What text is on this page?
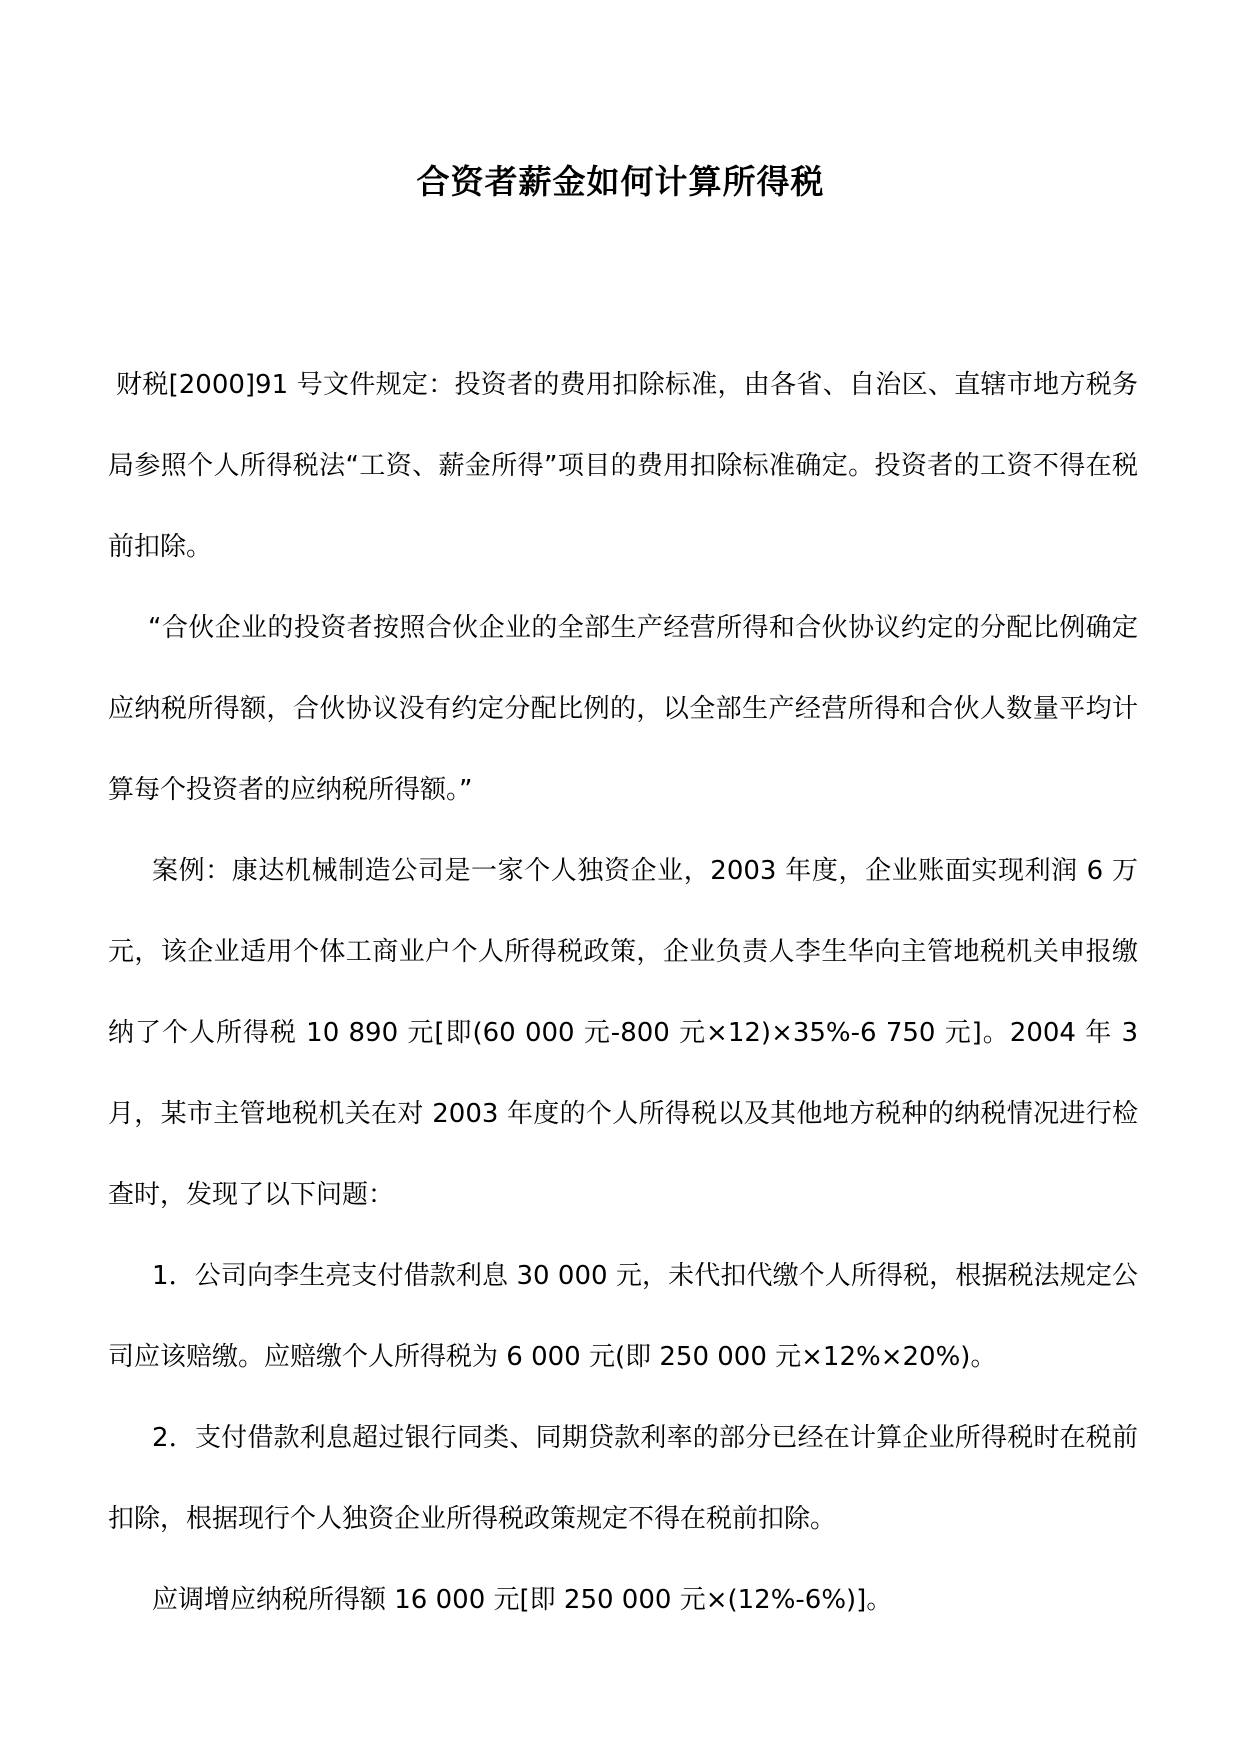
合资者薪金如何计算所得税

财税[2000]91 号文件规定：投资者的费用扣除标准，由各省、自治区、直辖市地方税务局参照个人所得税法“工资、薪金所得”项目的费用扣除标准确定。投资者的工资不得在税前扣除。

“合伙企业的投资者按照合伙企业的全部生产经营所得和合伙协议约定的分配比例确定应纳税所得额，合伙协议没有约定分配比例的，以全部生产经营所得和合伙人数量平均计算每个投资者的应纳税所得额。”

案例：康达机械制造公司是一家个人独资企业，2003 年度，企业账面实现利润 6 万元，该企业适用个体工商业户个人所得税政策，企业负责人李生华向主管地税机关申报缴纳了个人所得税 10 890 元[即(60 000 元-800 元×12)×35%-6 750 元]。2004 年 3 月，某市主管地税机关在对 2003 年度的个人所得税以及其他地方税种的纳税情况进行检查时，发现了以下问题：

1．公司向李生亮支付借款利息 30 000 元，未代扣代缴个人所得税，根据税法规定公司应该赔缴。应赔缴个人所得税为 6 000 元(即 250 000 元×12%×20%)。

2．支付借款利息超过银行同类、同期贷款利率的部分已经在计算企业所得税时在税前扣除，根据现行个人独资企业所得税政策规定不得在税前扣除。

应调增应纳税所得额 16 000 元[即 250 000 元×(12%-6%)]。
